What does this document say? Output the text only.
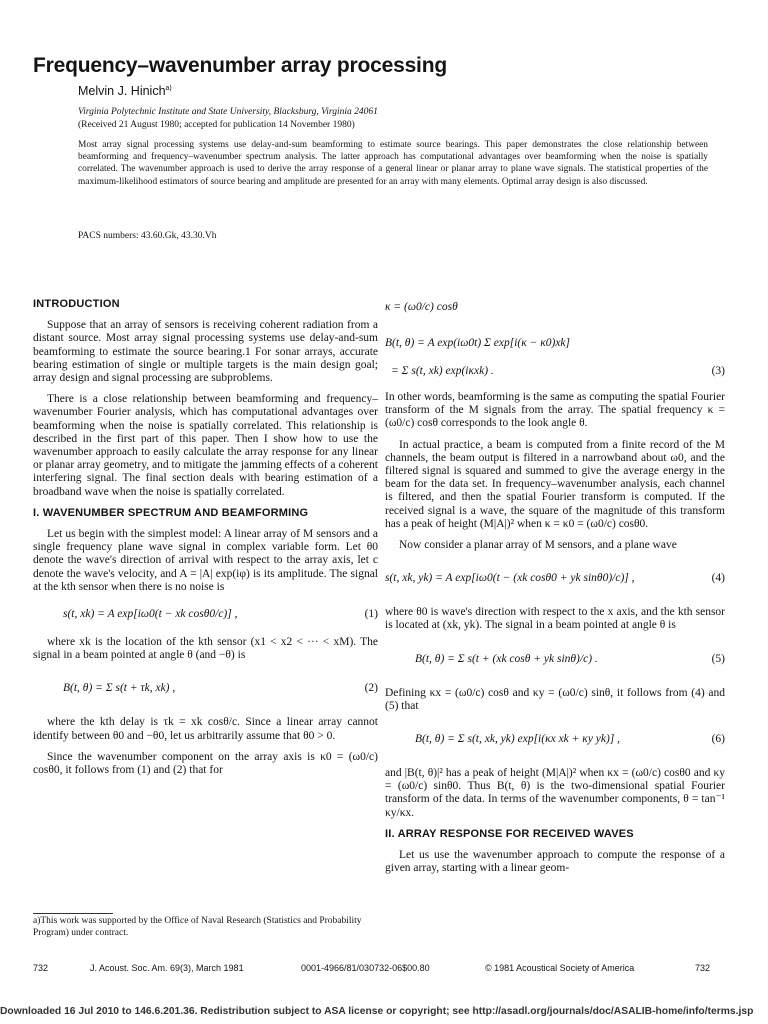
Frequency–wavenumber array processing
Melvin J. Hinich$^{a)}$
Virginia Polytechnic Institute and State University, Blacksburg, Virginia 24061
(Received 21 August 1980; accepted for publication 14 November 1980)

Most array signal processing systems use delay-and-sum beamforming to estimate source bearings. This paper demonstrates the close relationship between beamforming and frequency–wavenumber spectrum analysis. The latter approach has computational advantages over beamforming when the noise is spatially correlated. The wavenumber approach is used to derive the array response of a general linear or planar array to plane wave signals. The statistical properties of the maximum-likelihood estimators of source bearing and amplitude are presented for an array with many elements. Optimal array design is also discussed.

PACS numbers: 43.60.Gk, 43.30.Vh
INTRODUCTION

Suppose that an array of sensors is receiving coherent radiation from a distant source. Most array signal processing systems use delay-and-sum beamforming to estimate the source bearing.1 For sonar arrays, accurate bearing estimation of single or multiple targets is the main design goal; array design and signal processing are subproblems.

There is a close relationship between beamforming and frequency–wavenumber Fourier analysis, which has computational advantages over beamforming when the noise is spatially correlated. This relationship is described in the first part of this paper. Then I show how to use the wavenumber approach to easily calculate the array response for any linear or planar array geometry, and to mitigate the jamming effects of a coherent interfering signal. The final section deals with bearing estimation of a broadband wave when the noise is spatially correlated.

I. WAVENUMBER SPECTRUM AND BEAMFORMING

Let us begin with the simplest model: A linear array of M sensors and a single frequency plane wave signal in complex variable form. Let θ0 denote the wave's direction of arrival with respect to the array axis, let c denote the wave's velocity, and A = |A| exp(iφ) is its amplitude. The signal at the kth sensor when there is no noise is

s(t, xk) = A exp[iω0(t − xk cosθ0/c)] ,	(1)

where xk is the location of the kth sensor (x1 < x2 < ··· < xM). The signal in a beam pointed at angle θ (and −θ) is

B(t, θ) = Σ s(t + τk, xk) ,	(2)

where the kth delay is τk = xk cosθ/c. Since a linear array cannot identify between θ0 and −θ0, let us arbitrarily assume that θ0 > 0.

Since the wavenumber component on the array axis is κ0 = (ω0/c) cosθ0, it follows from (1) and (2) that for

κ = (ω0/c) cosθ
B(t, θ) = A exp(iω0t) Σ exp[i(κ − κ0)xk]
= Σ s(t, xk) exp(iκxk) .	(3)

In other words, beamforming is the same as computing the spatial Fourier transform of the M signals from the array. The spatial frequency κ = (ω0/c) cosθ corresponds to the look angle θ.

In actual practice, a beam is computed from a finite record of the M channels, the beam output is filtered in a narrowband about ω0, and the filtered signal is squared and summed to give the average energy in the beam for the data set. In frequency–wavenumber analysis, each channel is filtered, and then the spatial Fourier transform is computed. If the received signal is a wave, the square of the magnitude of this transform has a peak of height (M|A|)² when κ = κ0 = (ω0/c) cosθ0.

Now consider a planar array of M sensors, and a plane wave

s(t, xk, yk) = A exp[iω0(t − (xk cosθ0 + yk sinθ0)/c)] ,	(4)

where θ0 is wave's direction with respect to the x axis, and the kth sensor is located at (xk, yk). The signal in a beam pointed at angle θ is

B(t, θ) = Σ s(t + (xk cosθ + yk sinθ)/c) .	(5)

Defining κx = (ω0/c) cosθ and κy = (ω0/c) sinθ, it follows from (4) and (5) that

B(t, θ) = Σ s(t, xk, yk) exp[i(κx xk + κy yk)] ,	(6)

and |B(t, θ)|² has a peak of height (M|A|)² when κx = (ω0/c) cosθ0 and κy = (ω0/c) sinθ0. Thus B(t, θ) is the two-dimensional spatial Fourier transform of the data. In terms of the wavenumber components, θ = tan⁻¹ κy/κx.

II. ARRAY RESPONSE FOR RECEIVED WAVES

Let us use the wavenumber approach to compute the response of a given array, starting with a linear geom-

a)This work was supported by the Office of Naval Research (Statistics and Probability Program) under contract.

732	J. Acoust. Soc. Am. 69(3), March 1981	0001-4966/81/030732-06$00.80	© 1981 Acoustical Society of America	732
Downloaded 16 Jul 2010 to 146.6.201.36. Redistribution subject to ASA license or copyright; see http://asadl.org/journals/doc/ASALIB-home/info/terms.jsp
